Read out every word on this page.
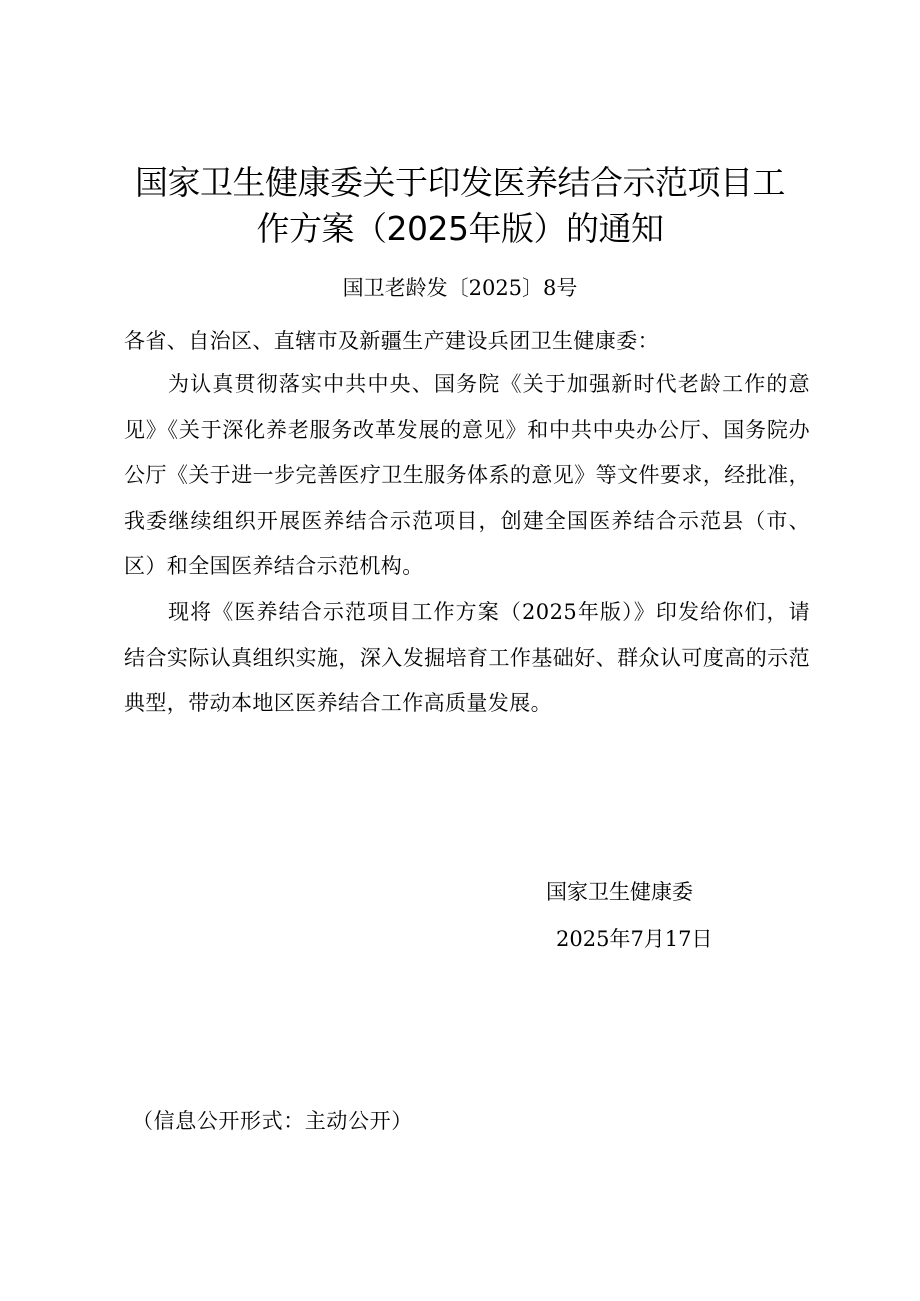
国家卫生健康委关于印发医养结合示范项目工
作方案（2025年版）的通知
国卫老龄发〔2025〕8号
各省、自治区、直辖市及新疆生产建设兵团卫生健康委：
为认真贯彻落实中共中央、国务院《关于加强新时代老龄工作的意见》《关于深化养老服务改革发展的意见》和中共中央办公厅、国务院办公厅《关于进一步完善医疗卫生服务体系的意见》等文件要求，经批准，我委继续组织开展医养结合示范项目，创建全国医养结合示范县（市、区）和全国医养结合示范机构。
现将《医养结合示范项目工作方案（2025年版）》印发给你们，请结合实际认真组织实施，深入发掘培育工作基础好、群众认可度高的示范典型，带动本地区医养结合工作高质量发展。
国家卫生健康委
2025年7月17日
（信息公开形式：主动公开）
